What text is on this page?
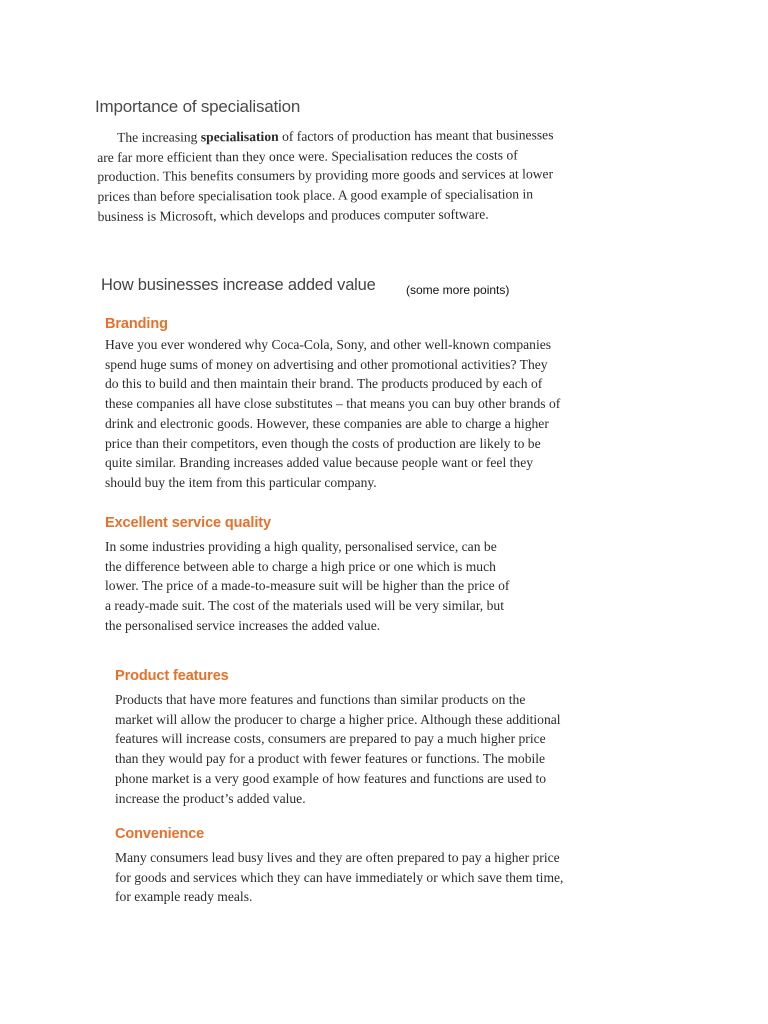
Importance of specialisation
The increasing specialisation of factors of production has meant that businesses
are far more efficient than they once were. Specialisation reduces the costs of
production. This benefits consumers by providing more goods and services at lower
prices than before specialisation took place. A good example of specialisation in
business is Microsoft, which develops and produces computer software.
How businesses increase added value	(some more points)
Branding
Have you ever wondered why Coca-Cola, Sony, and other well-known companies
spend huge sums of money on advertising and other promotional activities? They
do this to build and then maintain their brand. The products produced by each of
these companies all have close substitutes – that means you can buy other brands of
drink and electronic goods. However, these companies are able to charge a higher
price than their competitors, even though the costs of production are likely to be
quite similar. Branding increases added value because people want or feel they
should buy the item from this particular company.
Excellent service quality
In some industries providing a high quality, personalised service, can be
the difference between able to charge a high price or one which is much
lower. The price of a made-to-measure suit will be higher than the price of
a ready-made suit. The cost of the materials used will be very similar, but
the personalised service increases the added value.
Product features
Products that have more features and functions than similar products on the
market will allow the producer to charge a higher price. Although these additional
features will increase costs, consumers are prepared to pay a much higher price
than they would pay for a product with fewer features or functions. The mobile
phone market is a very good example of how features and functions are used to
increase the product’s added value.
Convenience
Many consumers lead busy lives and they are often prepared to pay a higher price
for goods and services which they can have immediately or which save them time,
for example ready meals.
